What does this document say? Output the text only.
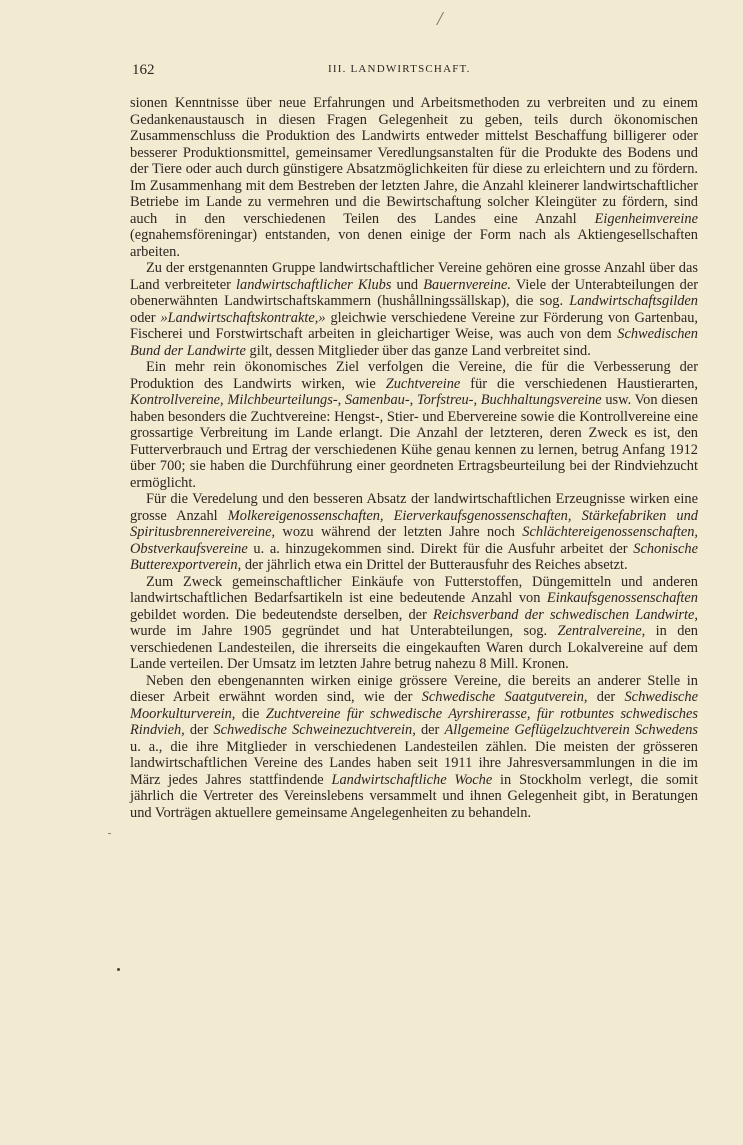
/
162	III. LANDWIRTSCHAFT.

sionen Kenntnisse über neue Erfahrungen und Arbeitsmethoden zu verbreiten und zu einem Gedankenaustausch in diesen Fragen Gelegenheit zu geben, teils durch ökonomischen Zusammenschluss die Produktion des Landwirts entweder mittelst Beschaffung billigerer oder besserer Produktionsmittel, gemeinsamer Veredlungsanstalten für die Produkte des Bodens und der Tiere oder auch durch günstigere Absatzmöglichkeiten für diese zu erleichtern und zu fördern. Im Zusammenhang mit dem Bestreben der letzten Jahre, die Anzahl kleinerer landwirtschaftlicher Betriebe im Lande zu vermehren und die Bewirtschaftung solcher Kleingüter zu fördern, sind auch in den verschiedenen Teilen des Landes eine Anzahl Eigenheimvereine (egnahemsföreningar) entstanden, von denen einige der Form nach als Aktiengesellschaften arbeiten.

Zu der erstgenannten Gruppe landwirtschaftlicher Vereine gehören eine grosse Anzahl über das Land verbreiteter landwirtschaftlicher Klubs und Bauernvereine. Viele der Unterabteilungen der obenerwähnten Landwirtschaftskammern (hushållningssällskap), die sog. Landwirtschaftsgilden oder »Landwirtschaftskontrakte,» gleichwie verschiedene Vereine zur Förderung von Gartenbau, Fischerei und Forstwirtschaft arbeiten in gleichartiger Weise, was auch von dem Schwedischen Bund der Landwirte gilt, dessen Mitglieder über das ganze Land verbreitet sind.

Ein mehr rein ökonomisches Ziel verfolgen die Vereine, die für die Verbesserung der Produktion des Landwirts wirken, wie Zuchtvereine für die verschiedenen Haustierarten, Kontrollvereine, Milchbeurteilungs-, Samenbau-, Torfstreu-, Buchhaltungsvereine usw. Von diesen haben besonders die Zuchtvereine: Hengst-, Stier- und Ebervereine sowie die Kontrollvereine eine grossartige Verbreitung im Lande erlangt. Die Anzahl der letzteren, deren Zweck es ist, den Futterverbrauch und Ertrag der verschiedenen Kühe genau kennen zu lernen, betrug Anfang 1912 über 700; sie haben die Durchführung einer geordneten Ertragsbeurteilung bei der Rindviehzucht ermöglicht.

Für die Veredelung und den besseren Absatz der landwirtschaftlichen Erzeugnisse wirken eine grosse Anzahl Molkereigenossenschaften, Eierverkaufsgenossenschaften, Stärkefabriken und Spiritusbrennereivereine, wozu während der letzten Jahre noch Schlächtereigenossenschaften, Obstverkaufsvereine u. a. hinzugekommen sind. Direkt für die Ausfuhr arbeitet der Schonische Butterexportverein, der jährlich etwa ein Drittel der Butterausfuhr des Reiches absetzt.

Zum Zweck gemeinschaftlicher Einkäufe von Futterstoffen, Düngemitteln und anderen landwirtschaftlichen Bedarfsartikeln ist eine bedeutende Anzahl von Einkaufsgenossenschaften gebildet worden. Die bedeutendste derselben, der Reichsverband der schwedischen Landwirte, wurde im Jahre 1905 gegründet und hat Unterabteilungen, sog. Zentralvereine, in den verschiedenen Landesteilen, die ihrerseits die eingekauften Waren durch Lokalvereine auf dem Lande verteilen. Der Umsatz im letzten Jahre betrug nahezu 8 Mill. Kronen.

Neben den ebengenannten wirken einige grössere Vereine, die bereits an anderer Stelle in dieser Arbeit erwähnt worden sind, wie der Schwedische Saatgutverein, der Schwedische Moorkulturverein, die Zuchtvereine für schwedische Ayrshirerasse, für rotbuntes schwedisches Rindvieh, der Schwedische Schweinezuchtverein, der Allgemeine Geflügelzuchtverein Schwedens u. a., die ihre Mitglieder in verschiedenen Landesteilen zählen. Die meisten der grösseren landwirtschaftlichen Vereine des Landes haben seit 1911 ihre Jahresversammlungen in die im März jedes Jahres stattfindende Landwirtschaftliche Woche in Stockholm verlegt, die somit jährlich die Vertreter des Vereinslebens versammelt und ihnen Gelegenheit gibt, in Beratungen und Vorträgen aktuellere gemeinsame Angelegenheiten zu behandeln.
